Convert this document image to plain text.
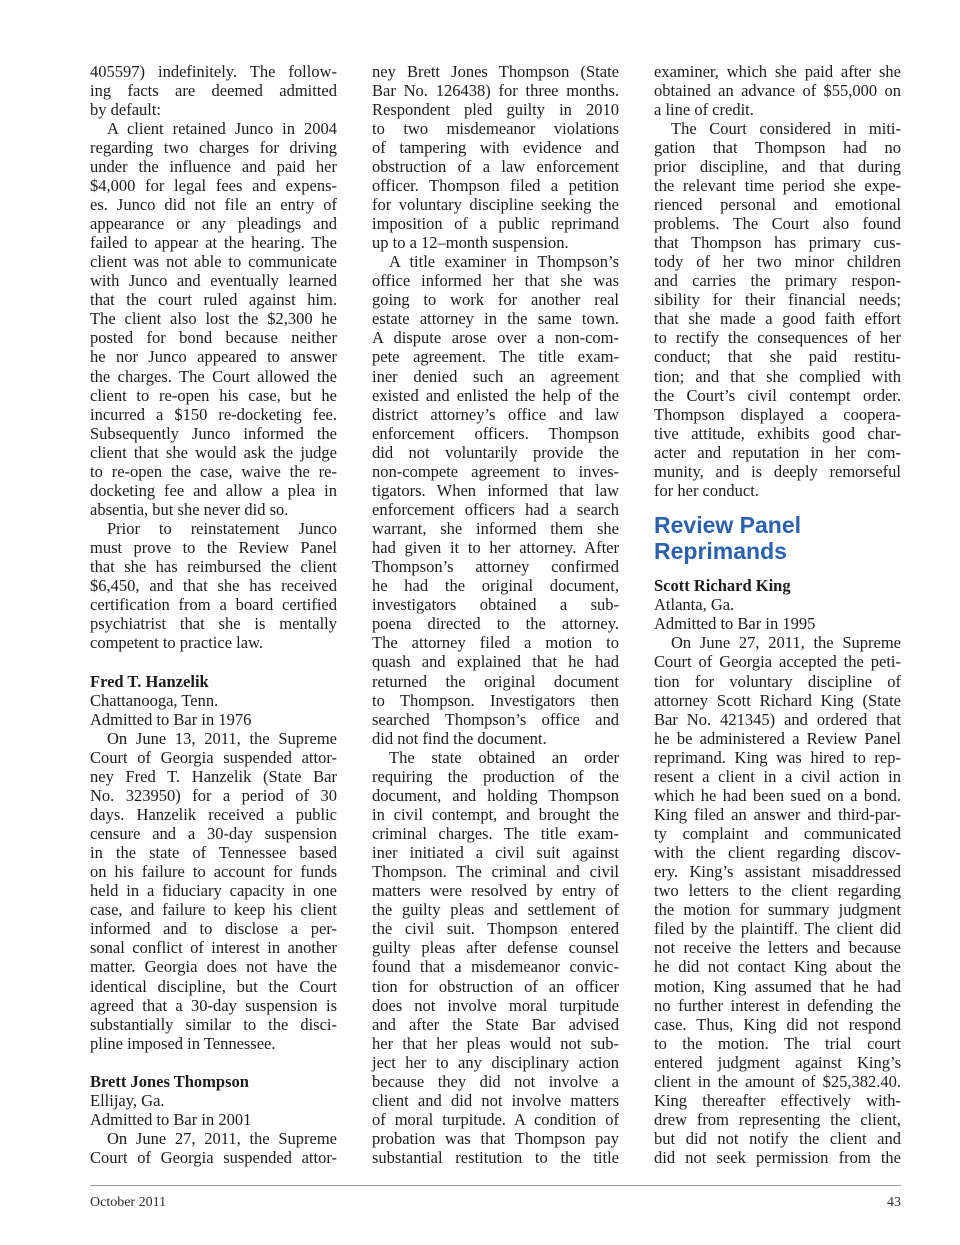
405597) indefinitely. The follow-
ing facts are deemed admitted
by default:
A client retained Junco in 2004
regarding two charges for driving
under the influence and paid her
$4,000 for legal fees and expens-
es. Junco did not file an entry of
appearance or any pleadings and
failed to appear at the hearing. The
client was not able to communicate
with Junco and eventually learned
that the court ruled against him.
The client also lost the $2,300 he
posted for bond because neither
he nor Junco appeared to answer
the charges. The Court allowed the
client to re-open his case, but he
incurred a $150 re-docketing fee.
Subsequently Junco informed the
client that she would ask the judge
to re-open the case, waive the re-
docketing fee and allow a plea in
absentia, but she never did so.
Prior to reinstatement Junco
must prove to the Review Panel
that she has reimbursed the client
$6,450, and that she has received
certification from a board certified
psychiatrist that she is mentally
competent to practice law.
Fred T. Hanzelik
Chattanooga, Tenn.
Admitted to Bar in 1976
On June 13, 2011, the Supreme
Court of Georgia suspended attor-
ney Fred T. Hanzelik (State Bar
No. 323950) for a period of 30
days. Hanzelik received a public
censure and a 30-day suspension
in the state of Tennessee based
on his failure to account for funds
held in a fiduciary capacity in one
case, and failure to keep his client
informed and to disclose a per-
sonal conflict of interest in another
matter. Georgia does not have the
identical discipline, but the Court
agreed that a 30-day suspension is
substantially similar to the disci-
pline imposed in Tennessee.
Brett Jones Thompson
Ellijay, Ga.
Admitted to Bar in 2001
On June 27, 2011, the Supreme
Court of Georgia suspended attor-
ney Brett Jones Thompson (State
Bar No. 126438) for three months.
Respondent pled guilty in 2010
to two misdemeanor violations
of tampering with evidence and
obstruction of a law enforcement
officer. Thompson filed a petition
for voluntary discipline seeking the
imposition of a public reprimand
up to a 12–month suspension.
A title examiner in Thompson’s
office informed her that she was
going to work for another real
estate attorney in the same town.
A dispute arose over a non-com-
pete agreement. The title exam-
iner denied such an agreement
existed and enlisted the help of the
district attorney’s office and law
enforcement officers. Thompson
did not voluntarily provide the
non-compete agreement to inves-
tigators. When informed that law
enforcement officers had a search
warrant, she informed them she
had given it to her attorney. After
Thompson’s attorney confirmed
he had the original document,
investigators obtained a sub-
poena directed to the attorney.
The attorney filed a motion to
quash and explained that he had
returned the original document
to Thompson. Investigators then
searched Thompson’s office and
did not find the document.
The state obtained an order
requiring the production of the
document, and holding Thompson
in civil contempt, and brought the
criminal charges. The title exam-
iner initiated a civil suit against
Thompson. The criminal and civil
matters were resolved by entry of
the guilty pleas and settlement of
the civil suit. Thompson entered
guilty pleas after defense counsel
found that a misdemeanor convic-
tion for obstruction of an officer
does not involve moral turpitude
and after the State Bar advised
her that her pleas would not sub-
ject her to any disciplinary action
because they did not involve a
client and did not involve matters
of moral turpitude. A condition of
probation was that Thompson pay
substantial restitution to the title
examiner, which she paid after she
obtained an advance of $55,000 on
a line of credit.
The Court considered in miti-
gation that Thompson had no
prior discipline, and that during
the relevant time period she expe-
rienced personal and emotional
problems. The Court also found
that Thompson has primary cus-
tody of her two minor children
and carries the primary respon-
sibility for their financial needs;
that she made a good faith effort
to rectify the consequences of her
conduct; that she paid restitu-
tion; and that she complied with
the Court’s civil contempt order.
Thompson displayed a coopera-
tive attitude, exhibits good char-
acter and reputation in her com-
munity, and is deeply remorseful
for her conduct.
Review Panel
Reprimands
Scott Richard King
Atlanta, Ga.
Admitted to Bar in 1995
On June 27, 2011, the Supreme
Court of Georgia accepted the peti-
tion for voluntary discipline of
attorney Scott Richard King (State
Bar No. 421345) and ordered that
he be administered a Review Panel
reprimand. King was hired to rep-
resent a client in a civil action in
which he had been sued on a bond.
King filed an answer and third-par-
ty complaint and communicated
with the client regarding discov-
ery. King’s assistant misaddressed
two letters to the client regarding
the motion for summary judgment
filed by the plaintiff. The client did
not receive the letters and because
he did not contact King about the
motion, King assumed that he had
no further interest in defending the
case. Thus, King did not respond
to the motion. The trial court
entered judgment against King’s
client in the amount of $25,382.40.
King thereafter effectively with-
drew from representing the client,
but did not notify the client and
did not seek permission from the
October 2011	43
